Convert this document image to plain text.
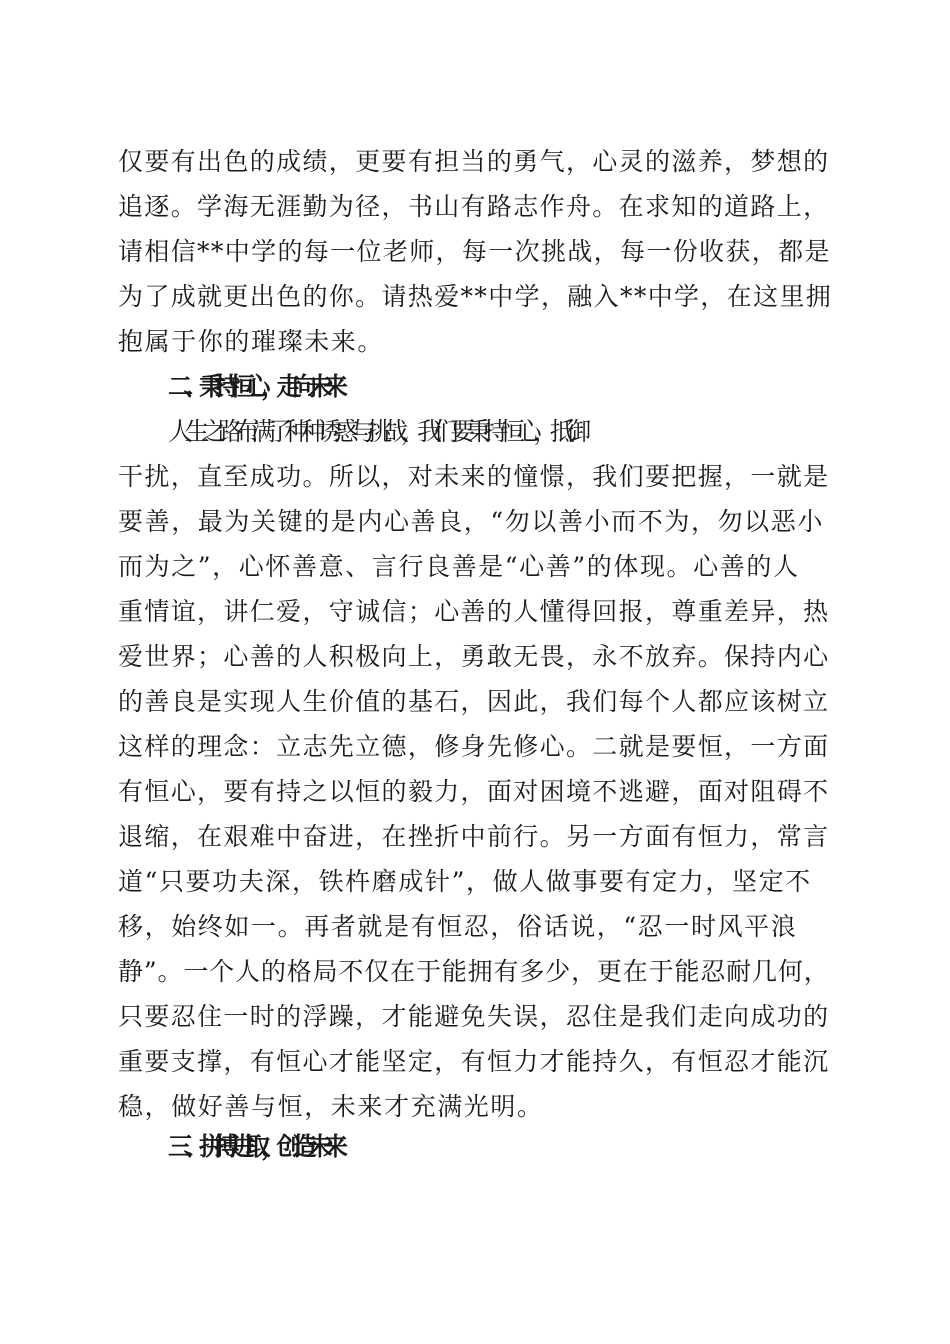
仅要有出色的成绩，更要有担当的勇气，心灵的滋养，梦想的
追逐。学海无涯勤为径，书山有路志作舟。在求知的道路上，
请相信**中学的每一位老师，每一次挑战，每一份收获，都是
为了成就更出色的你。请热爱**中学，融入**中学，在这里拥
抱属于你的璀璨未来。
二、秉持恒心，走向未来
人生之路布满了种种诱惑与挑战，我们要秉持恒心，抵御
干扰，直至成功。所以，对未来的憧憬，我们要把握，一就是
要善，最为关键的是内心善良，“勿以善小而不为，勿以恶小
而为之”，心怀善意、言行良善是“心善”的体现。心善的人
重情谊，讲仁爱，守诚信；心善的人懂得回报，尊重差异，热
爱世界；心善的人积极向上，勇敢无畏，永不放弃。保持内心
的善良是实现人生价值的基石，因此，我们每个人都应该树立
这样的理念：立志先立德，修身先修心。二就是要恒，一方面
有恒心，要有持之以恒的毅力，面对困境不逃避，面对阻碍不
退缩，在艰难中奋进，在挫折中前行。另一方面有恒力，常言
道“只要功夫深，铁杵磨成针”，做人做事要有定力，坚定不
移，始终如一。再者就是有恒忍，俗话说，“忍一时风平浪
静”。一个人的格局不仅在于能拥有多少，更在于能忍耐几何，
只要忍住一时的浮躁，才能避免失误，忍住是我们走向成功的
重要支撑，有恒心才能坚定，有恒力才能持久，有恒忍才能沉
稳，做好善与恒，未来才充满光明。
三、拼搏进取，创造未来
